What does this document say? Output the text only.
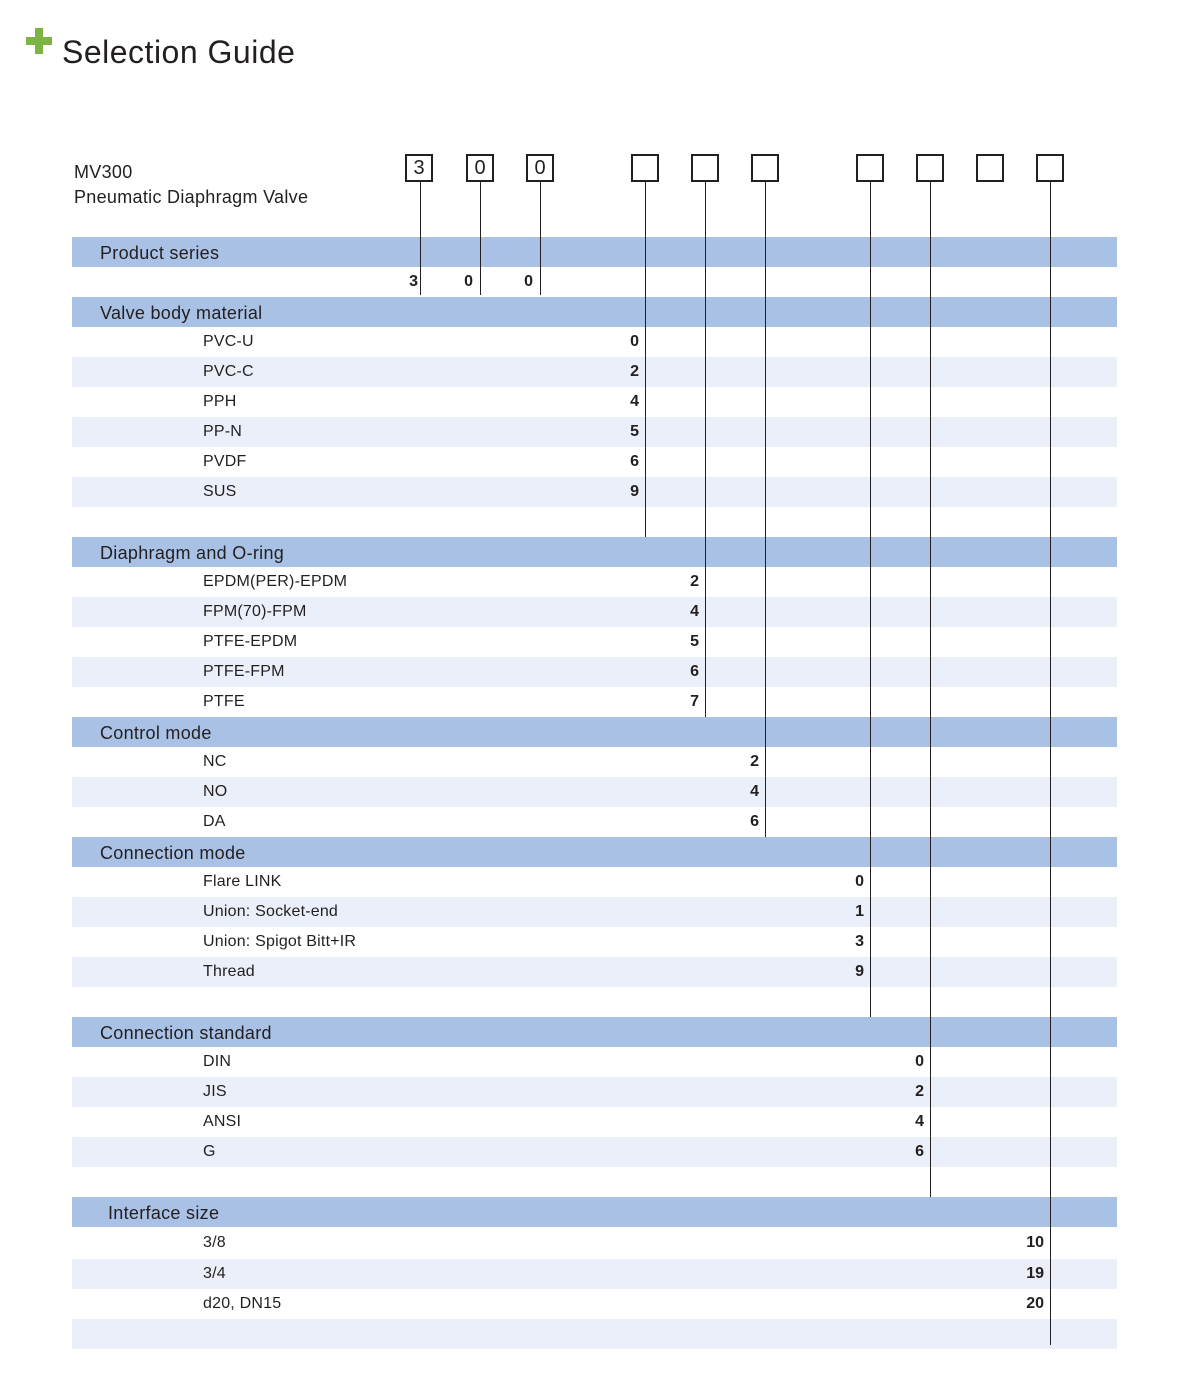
Selection Guide
MV300
Pneumatic Diaphragm Valve
3	0	0
Product series
3	0	0
Valve body material
PVC-U	0
PVC-C	2
PPH	4
PP-N	5
PVDF	6
SUS	9
Diaphragm and O-ring
EPDM(PER)-EPDM	2
FPM(70)-FPM	4
PTFE-EPDM	5
PTFE-FPM	6
PTFE	7
Control mode
NC	2
NO	4
DA	6
Connection mode
Flare LINK	0
Union: Socket-end	1
Union: Spigot Bitt+IR	3
Thread	9
Connection standard
DIN	0
JIS	2
ANSI	4
G	6
Interface size
3/8	10
3/4	19
d20, DN15	20
